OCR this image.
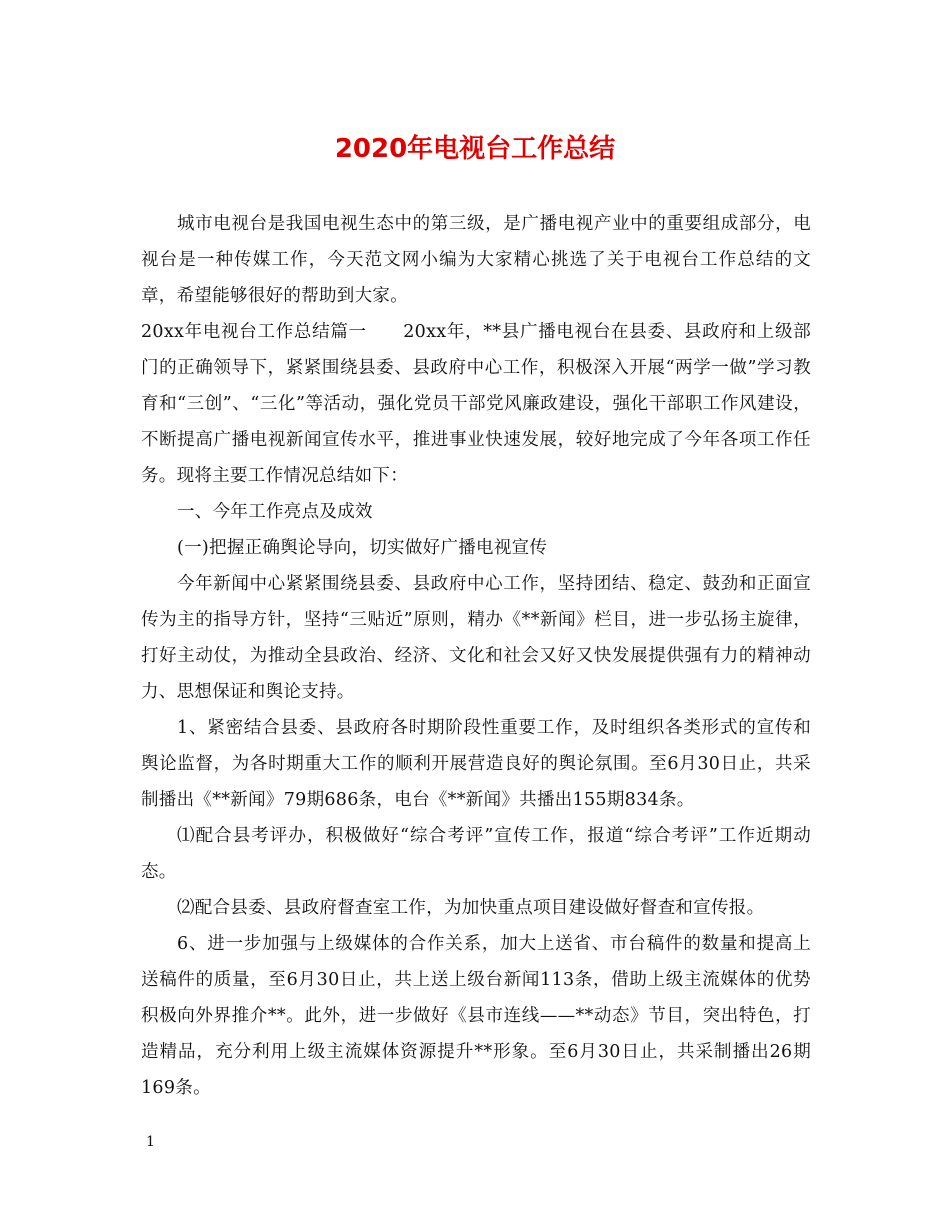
2020年电视台工作总结

城市电视台是我国电视生态中的第三级，是广播电视产业中的重要组成部分，电视台是一种传媒工作，今天范文网小编为大家精心挑选了关于电视台工作总结的文章，希望能够很好的帮助到大家。

20xx年电视台工作总结篇一　　20xx年，**县广播电视台在县委、县政府和上级部门的正确领导下，紧紧围绕县委、县政府中心工作，积极深入开展“两学一做”学习教育和“三创”、“三化”等活动，强化党员干部党风廉政建设，强化干部职工作风建设，不断提高广播电视新闻宣传水平，推进事业快速发展，较好地完成了今年各项工作任务。现将主要工作情况总结如下：

一、今年工作亮点及成效

(一)把握正确舆论导向，切实做好广播电视宣传

今年新闻中心紧紧围绕县委、县政府中心工作，坚持团结、稳定、鼓劲和正面宣传为主的指导方针，坚持“三贴近”原则，精办《**新闻》栏目，进一步弘扬主旋律，打好主动仗，为推动全县政治、经济、文化和社会又好又快发展提供强有力的精神动力、思想保证和舆论支持。

1、紧密结合县委、县政府各时期阶段性重要工作，及时组织各类形式的宣传和舆论监督，为各时期重大工作的顺利开展营造良好的舆论氛围。至6月30日止，共采制播出《**新闻》79期686条，电台《**新闻》共播出155期834条。

⑴配合县考评办，积极做好“综合考评”宣传工作，报道“综合考评”工作近期动态。

⑵配合县委、县政府督查室工作，为加快重点项目建设做好督查和宣传报。

6、进一步加强与上级媒体的合作关系，加大上送省、市台稿件的数量和提高上送稿件的质量，至6月30日止，共上送上级台新闻113条，借助上级主流媒体的优势积极向外界推介**。此外，进一步做好《县市连线——**动态》节目，突出特色，打造精品，充分利用上级主流媒体资源提升**形象。至6月30日止，共采制播出26期169条。

1
